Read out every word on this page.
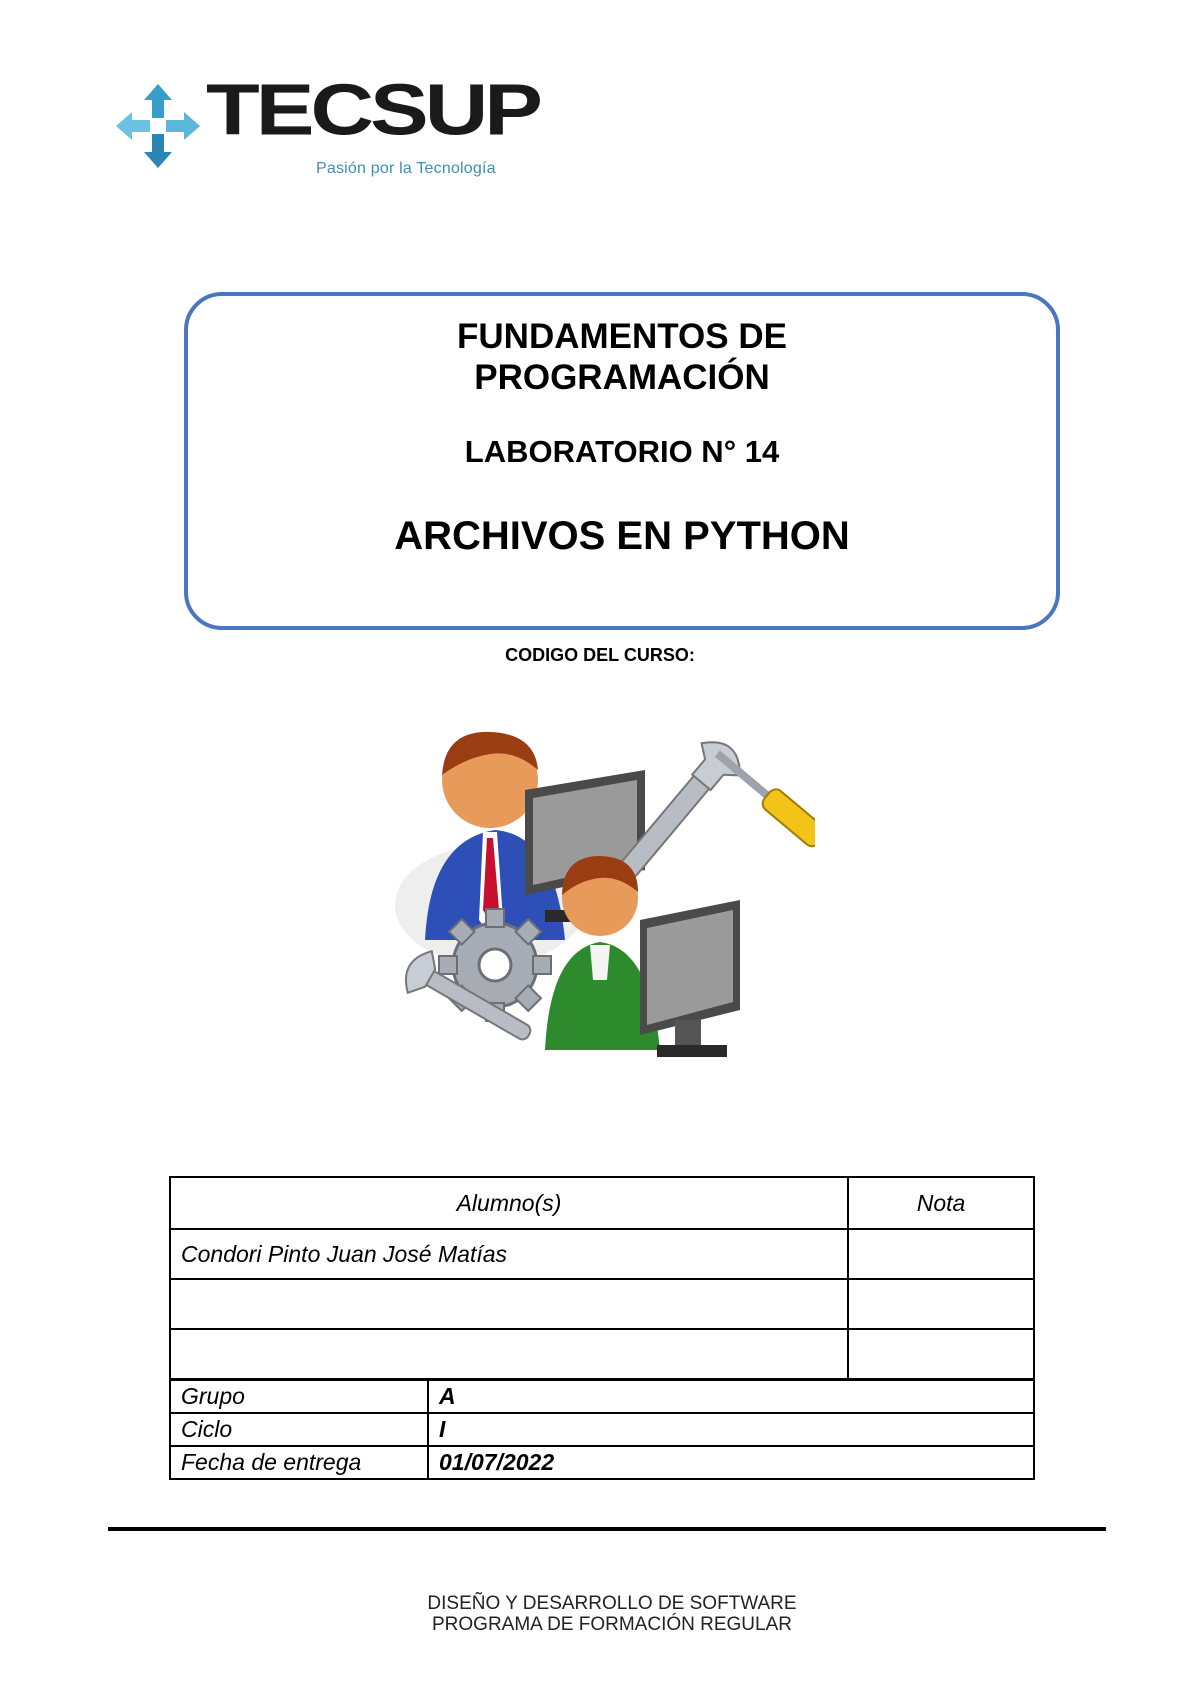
TECSUP
Pasión por la Tecnología
FUNDAMENTOS DE
PROGRAMACIÓN
LABORATORIO N° 14
ARCHIVOS EN PYTHON
CODIGO DEL CURSO:
Alumno(s)	Nota
Condori Pinto Juan José Matías	

Grupo	A
Ciclo	I
Fecha de entrega	01/07/2022
DISEÑO Y DESARROLLO DE SOFTWARE
PROGRAMA DE FORMACIÓN REGULAR
